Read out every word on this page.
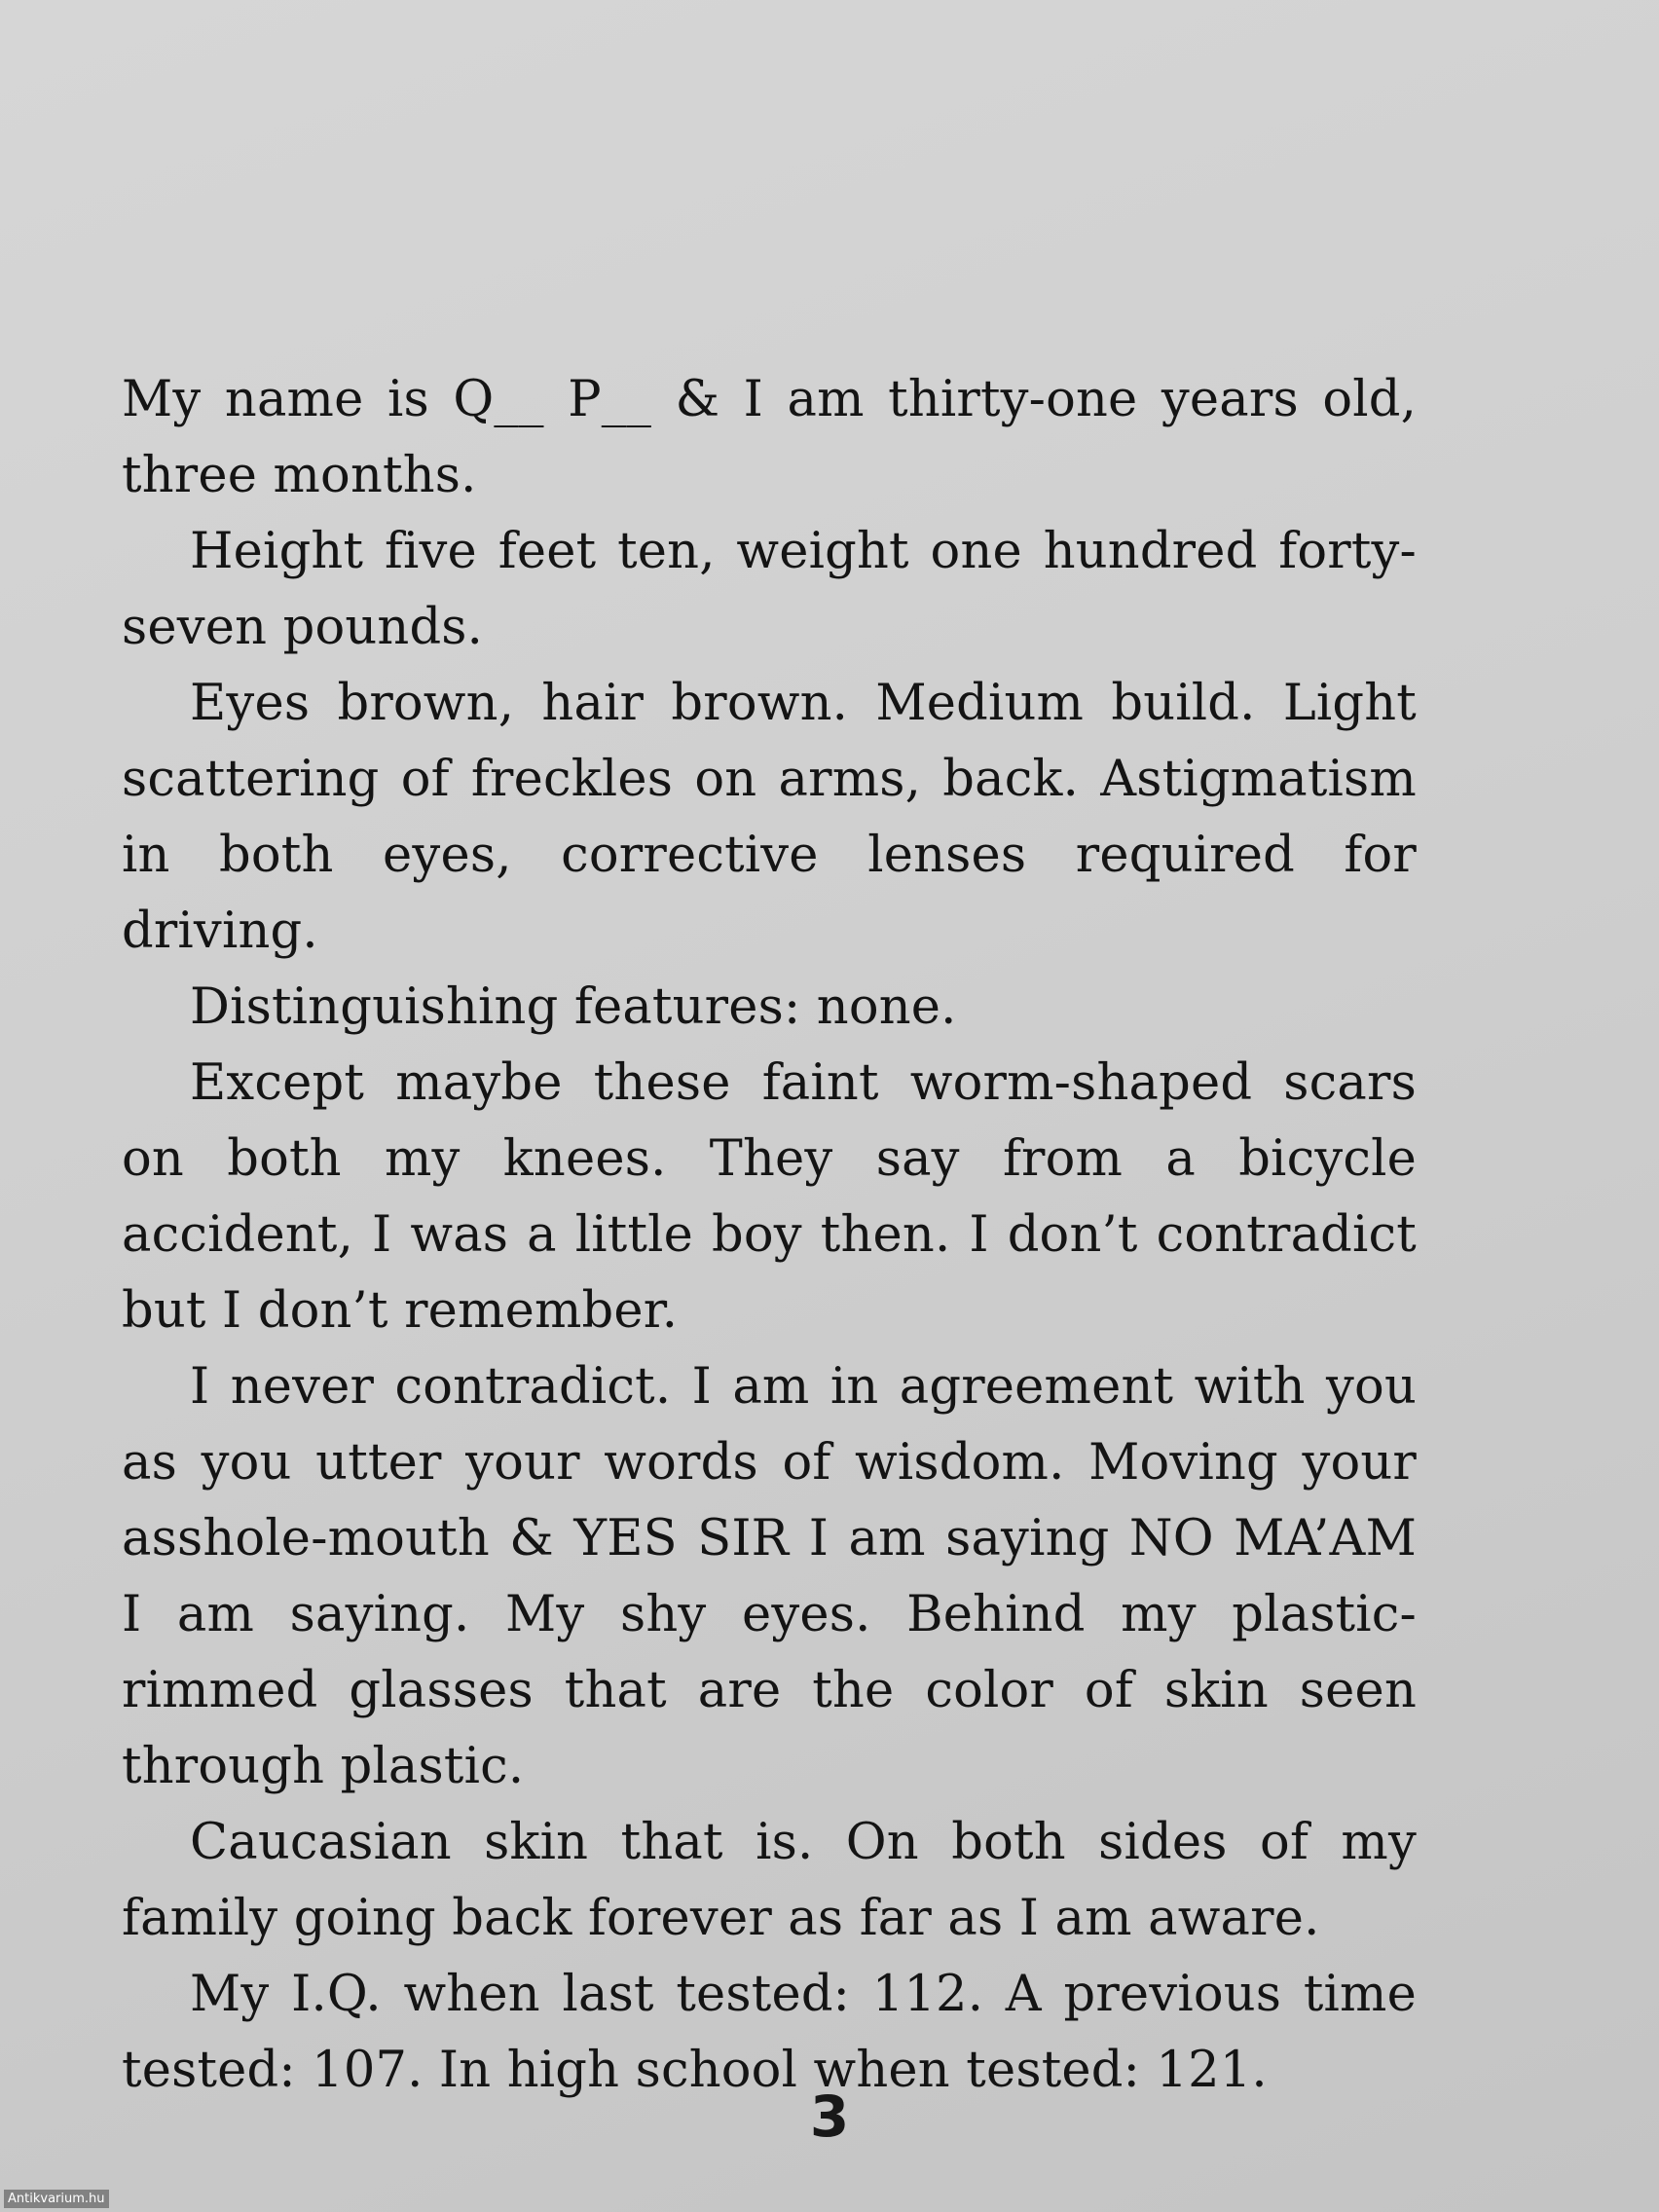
My name is Q__ P__ & I am thirty-one years old, three months.

Height five feet ten, weight one hundred forty-seven pounds.

Eyes brown, hair brown. Medium build. Light scattering of freckles on arms, back. Astigmatism in both eyes, corrective lenses required for driving.

Distinguishing features: none.

Except maybe these faint worm-shaped scars on both my knees. They say from a bicycle accident, I was a little boy then. I don’t contradict but I don’t remember.

I never contradict. I am in agreement with you as you utter your words of wisdom. Moving your asshole-mouth & YES SIR I am saying NO MA’AM I am saying. My shy eyes. Behind my plastic-rimmed glasses that are the color of skin seen through plastic.

Caucasian skin that is. On both sides of my family going back forever as far as I am aware.

My I.Q. when last tested: 112. A previous time tested: 107. In high school when tested: 121.

3
Antikvarium.hu
